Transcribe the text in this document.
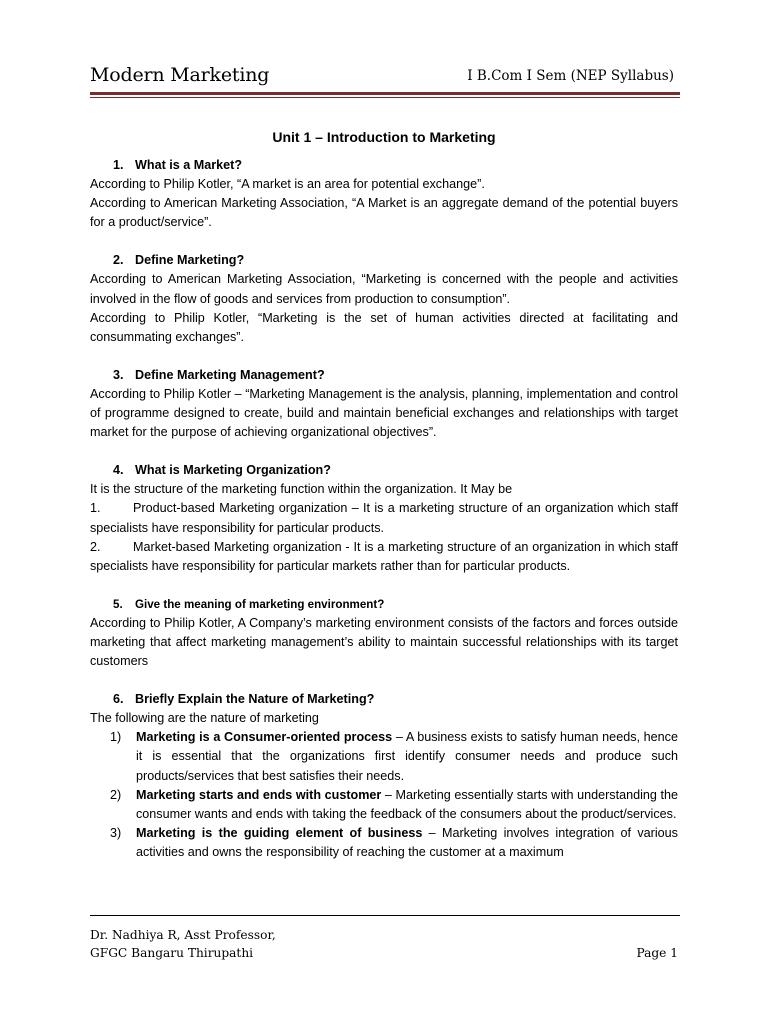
Modern Marketing	I B.Com I Sem (NEP Syllabus)
Unit 1 – Introduction to Marketing
1. What is a Market?

According to Philip Kotler, “A market is an area for potential exchange”.

According to American Marketing Association, “A Market is an aggregate demand of the potential buyers for a product/service”.

2. Define Marketing?

According to American Marketing Association, “Marketing is concerned with the people and activities involved in the flow of goods and services from production to consumption”.

According to Philip Kotler, “Marketing is the set of human activities directed at facilitating and consummating exchanges”.

3. Define Marketing Management?

According to Philip Kotler – “Marketing Management is the analysis, planning, implementation and control of programme designed to create, build and maintain beneficial exchanges and relationships with target market for the purpose of achieving organizational objectives”.

4. What is Marketing Organization?

It is the structure of the marketing function within the organization. It May be

1.	Product-based Marketing organization – It is a marketing structure of an organization which staff specialists have responsibility for particular products.

2.	Market-based Marketing organization - It is a marketing structure of an organization in which staff specialists have responsibility for particular markets rather than for particular products.

5. Give the meaning of marketing environment?

According to Philip Kotler, A Company’s marketing environment consists of the factors and forces outside marketing that affect marketing management’s ability to maintain successful relationships with its target customers

6. Briefly Explain the Nature of Marketing?

The following are the nature of marketing

1) Marketing is a Consumer-oriented process – A business exists to satisfy human needs, hence it is essential that the organizations first identify consumer needs and produce such products/services that best satisfies their needs.

2) Marketing starts and ends with customer – Marketing essentially starts with understanding the consumer wants and ends with taking the feedback of the consumers about the product/services.

3) Marketing is the guiding element of business – Marketing involves integration of various activities and owns the responsibility of reaching the customer at a maximum

Dr. Nadhiya R, Asst Professor,
GFGC Bangaru Thirupathi	Page 1
